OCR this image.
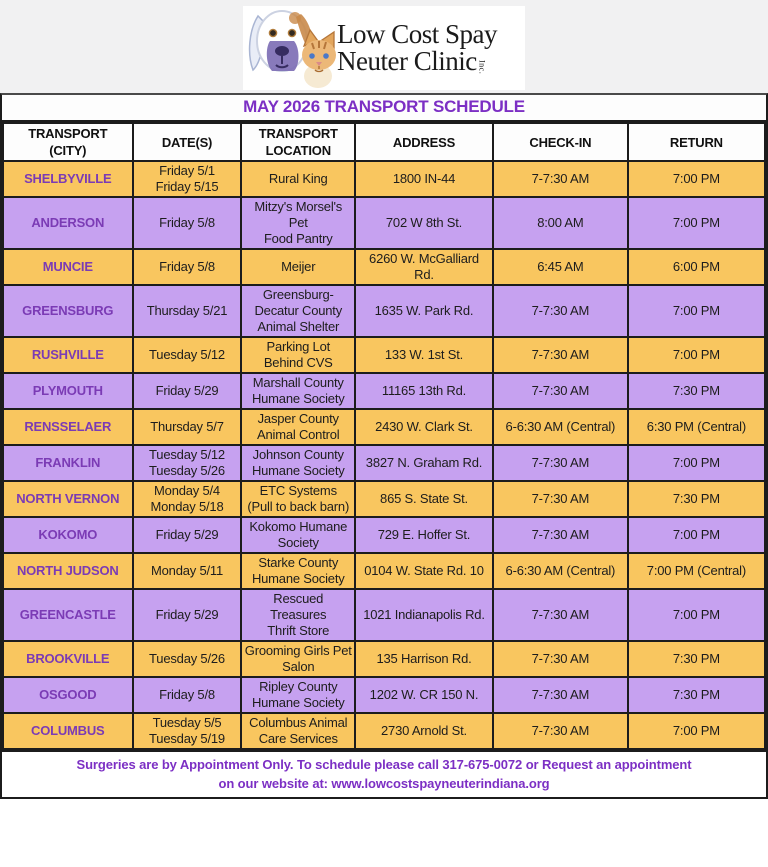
Low Cost Spay
Neuter ClinicInc.
MAY 2026 TRANSPORT SCHEDULE
TRANSPORT
(CITY)	DATE(S)	TRANSPORT
LOCATION	ADDRESS	CHECK-IN	RETURN
SHELBYVILLE	Friday 5/1
Friday 5/15	Rural King	1800 IN-44	7-7:30 AM	7:00 PM
ANDERSON	Friday 5/8	Mitzy's Morsel's Pet
Food Pantry	702 W 8th St.	8:00 AM	7:00 PM
MUNCIE	Friday 5/8	Meijer	6260 W. McGalliard Rd.	6:45 AM	6:00 PM
GREENSBURG	Thursday 5/21	Greensburg-
Decatur County
Animal Shelter	1635 W. Park Rd.	7-7:30 AM	7:00 PM
RUSHVILLE	Tuesday 5/12	Parking Lot
Behind CVS	133 W. 1st St.	7-7:30 AM	7:00 PM
PLYMOUTH	Friday 5/29	Marshall County
Humane Society	11165 13th Rd.	7-7:30 AM	7:30 PM
RENSSELAER	Thursday 5/7	Jasper County
Animal Control	2430 W. Clark St.	6-6:30 AM (Central)	6:30 PM (Central)
FRANKLIN	Tuesday 5/12
Tuesday 5/26	Johnson County
Humane Society	3827 N. Graham Rd.	7-7:30 AM	7:00 PM
NORTH VERNON	Monday 5/4
Monday 5/18	ETC Systems
(Pull to back barn)	865 S. State St.	7-7:30 AM	7:30 PM
KOKOMO	Friday 5/29	Kokomo Humane
Society	729 E. Hoffer St.	7-7:30 AM	7:00 PM
NORTH JUDSON	Monday 5/11	Starke County
Humane Society	0104 W. State Rd. 10	6-6:30 AM (Central)	7:00 PM (Central)
GREENCASTLE	Friday 5/29	Rescued Treasures
Thrift Store	1021 Indianapolis Rd.	7-7:30 AM	7:00 PM
BROOKVILLE	Tuesday 5/26	Grooming Girls Pet
Salon	135 Harrison Rd.	7-7:30 AM	7:30 PM
OSGOOD	Friday 5/8	Ripley County
Humane Society	1202 W. CR 150 N.	7-7:30 AM	7:30 PM
COLUMBUS	Tuesday 5/5
Tuesday 5/19	Columbus Animal
Care Services	2730 Arnold St.	7-7:30 AM	7:00 PM
Surgeries are by Appointment Only. To schedule please call 317-675-0072 or Request an appointment
on our website at: www.lowcostspayneuterindiana.org
